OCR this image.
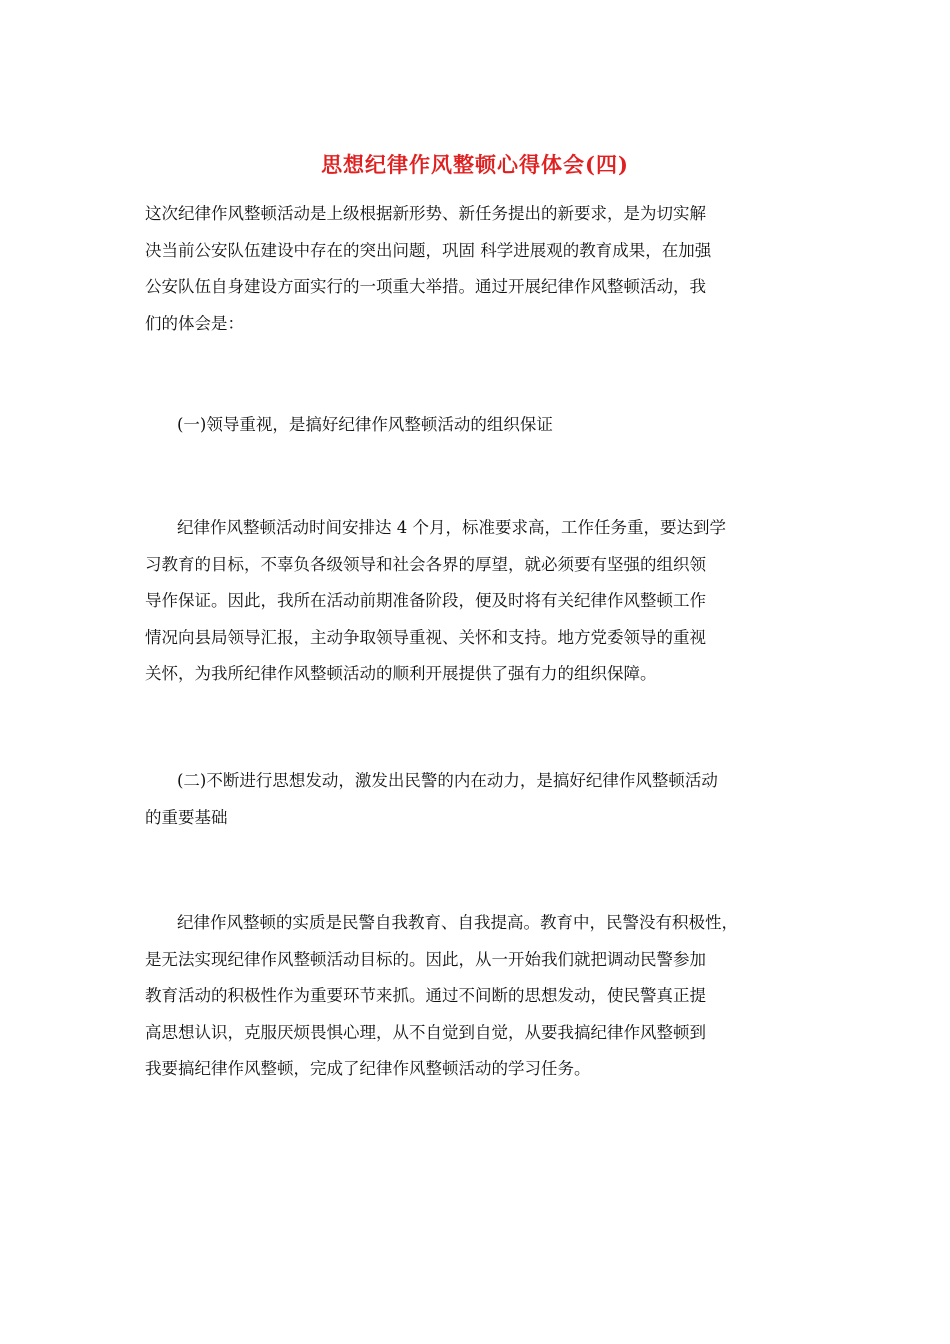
思想纪律作风整顿心得体会(四)
这次纪律作风整顿活动是上级根据新形势、新任务提出的新要求，是为切实解
决当前公安队伍建设中存在的突出问题，巩固 科学进展观的教育成果，在加强
公安队伍自身建设方面实行的一项重大举措。通过开展纪律作风整顿活动，我
们的体会是：
(一)领导重视，是搞好纪律作风整顿活动的组织保证
纪律作风整顿活动时间安排达 4 个月，标准要求高，工作任务重，要达到学
习教育的目标，不辜负各级领导和社会各界的厚望，就必须要有坚强的组织领
导作保证。因此，我所在活动前期准备阶段，便及时将有关纪律作风整顿工作
情况向县局领导汇报，主动争取领导重视、关怀和支持。地方党委领导的重视
关怀，为我所纪律作风整顿活动的顺利开展提供了强有力的组织保障。
(二)不断进行思想发动，激发出民警的内在动力，是搞好纪律作风整顿活动
的重要基础
纪律作风整顿的实质是民警自我教育、自我提高。教育中，民警没有积极性，
是无法实现纪律作风整顿活动目标的。因此，从一开始我们就把调动民警参加
教育活动的积极性作为重要环节来抓。通过不间断的思想发动，使民警真正提
高思想认识，克服厌烦畏惧心理，从不自觉到自觉，从要我搞纪律作风整顿到
我要搞纪律作风整顿，完成了纪律作风整顿活动的学习任务。
